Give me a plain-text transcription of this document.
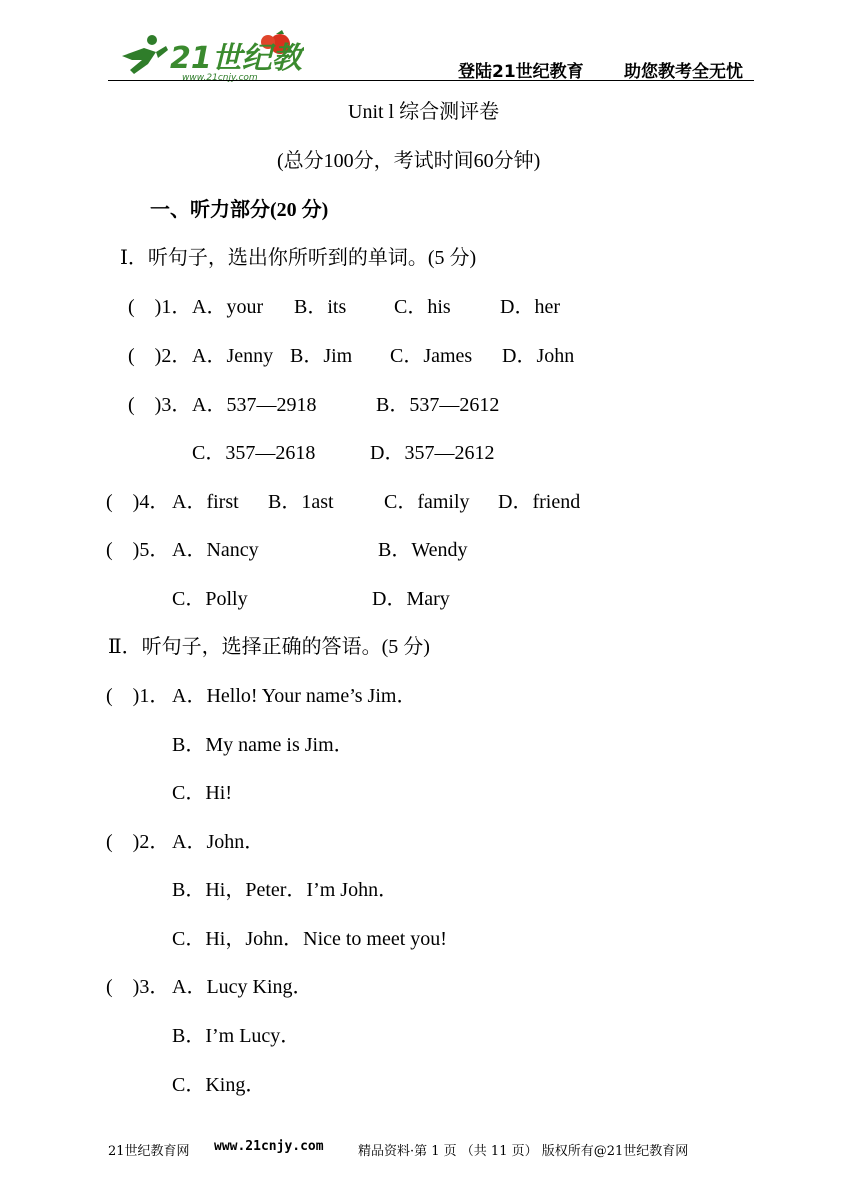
21世纪教
www.21cnjy.com	登陆21世纪教育 助您教考全无忧
Unit l 综合测评卷
(总分100分，考试时间60分钟)
一、听力部分(20 分)
Ⅰ．听句子，选出你所听到的单词。(5 分)
(    )1． A．your B．its C．his D．her
(    )2． A．Jenny B．Jim C．James D．John
(    )3． A．537—2918	B．537—2612
C．357—2618	D．357—2612
(    )4． A．first B．1ast	C．family D．friend
(    )5． A．Nancy	B．Wendy
C．Polly	D．Mary
Ⅱ．听句子，选择正确的答语。(5 分)
(    )1． A．Hello! Your name’s Jim．
B．My name is Jim．
C．Hi!
(    )2． A．John．
B．Hi，Peter．I’m John．
C．Hi，John．Nice to meet you!
(    )3． A．Lucy King．
B．I’m Lucy．
C．King．
21世纪教育网 www.21cnjy.com	精品资料·第 1 页 （共 11 页） 版权所有@21世纪教育网
